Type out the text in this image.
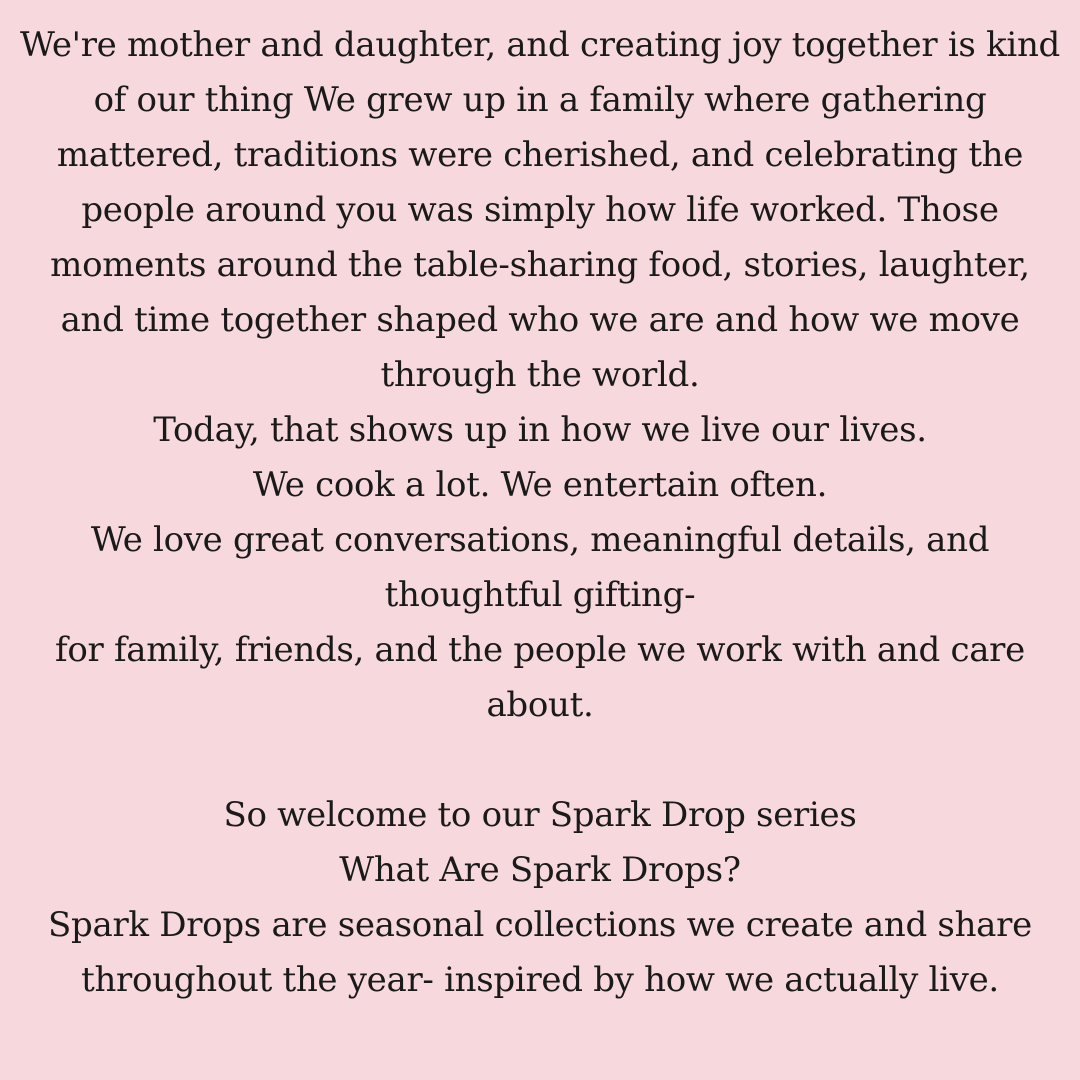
We're mother and daughter, and creating joy together is kind
of our thing We grew up in a family where gathering
mattered, traditions were cherished, and celebrating the
people around you was simply how life worked. Those
moments around the table-sharing food, stories, laughter,
and time together shaped who we are and how we move
through the world.
Today, that shows up in how we live our lives.
We cook a lot. We entertain often.
We love great conversations, meaningful details, and
thoughtful gifting-
for family, friends, and the people we work with and care
about.
So welcome to our Spark Drop series
What Are Spark Drops?
Spark Drops are seasonal collections we create and share
throughout the year- inspired by how we actually live.
